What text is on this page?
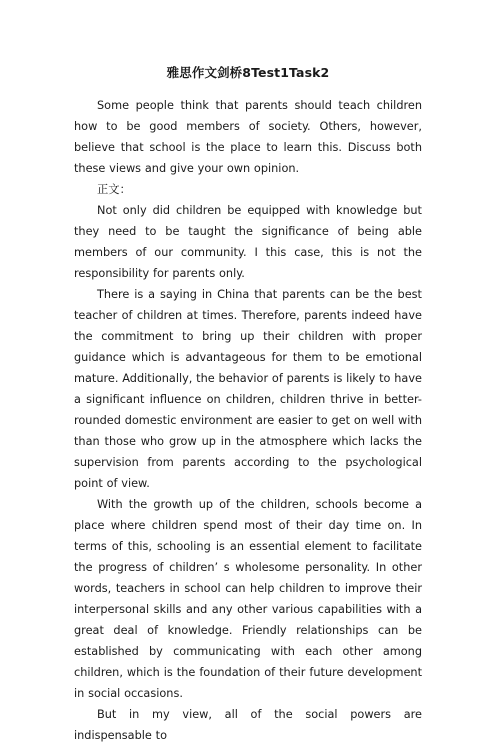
雅思作文剑桥8Test1Task2

Some people think that parents should teach children how to be good members of society. Others, however, believe that school is the place to learn this. Discuss both these views and give your own opinion.

正文：

Not only did children be equipped with knowledge but they need to be taught the significance of being able members of our community. I this case, this is not the responsibility for parents only.

There is a saying in China that parents can be the best teacher of children at times. Therefore, parents indeed have the commitment to bring up their children with proper guidance which is advantageous for them to be emotional mature. Additionally, the behavior of parents is likely to have a significant influence on children, children thrive in better-rounded domestic environment are easier to get on well with than those who grow up in the atmosphere which lacks the supervision from parents according to the psychological point of view.

With the growth up of the children, schools become a place where children spend most of their day time on. In terms of this, schooling is an essential element to facilitate the progress of children’ s wholesome personality. In other words, teachers in school can help children to improve their interpersonal skills and any other various capabilities with a great deal of knowledge. Friendly relationships can be established by communicating with each other among children, which is the foundation of their future development in social occasions.

But in my view, all of the social powers are indispensable to
